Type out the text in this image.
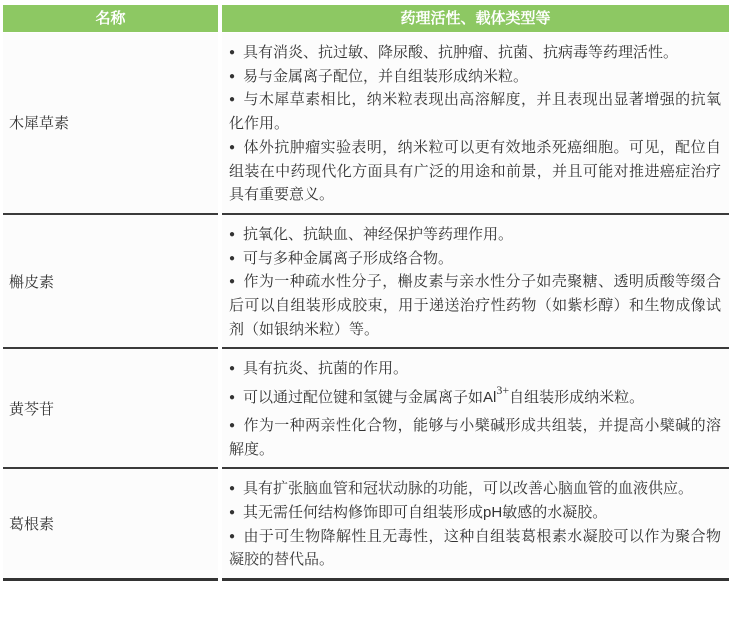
名称	药理活性、载体类型等
木犀草素

● 具有消炎、抗过敏、降尿酸、抗肿瘤、抗菌、抗病毒等药理活性。

● 易与金属离子配位，并自组装形成纳米粒。

● 与木犀草素相比，纳米粒表现出高溶解度，并且表现出显著增强的抗氧化作用。

● 体外抗肿瘤实验表明，纳米粒可以更有效地杀死癌细胞。可见，配位自组装在中药现代化方面具有广泛的用途和前景，并且可能对推进癌症治疗具有重要意义。

槲皮素

● 抗氧化、抗缺血、神经保护等药理作用。

● 可与多种金属离子形成络合物。

● 作为一种疏水性分子，槲皮素与亲水性分子如壳聚糖、透明质酸等缀合后可以自组装形成胶束，用于递送治疗性药物（如紫杉醇）和生物成像试剂（如银纳米粒）等。

黄芩苷

● 具有抗炎、抗菌的作用。

● 可以通过配位键和氢键与金属离子如$Al^{3+}$自组装形成纳米粒。

● 作为一种两亲性化合物，能够与小檗碱形成共组装，并提高小檗碱的溶解度。

葛根素

● 具有扩张脑血管和冠状动脉的功能，可以改善心脑血管的血液供应。

● 其无需任何结构修饰即可自组装形成pH敏感的水凝胶。

● 由于可生物降解性且无毒性，这种自组装葛根素水凝胶可以作为聚合物凝胶的替代品。
